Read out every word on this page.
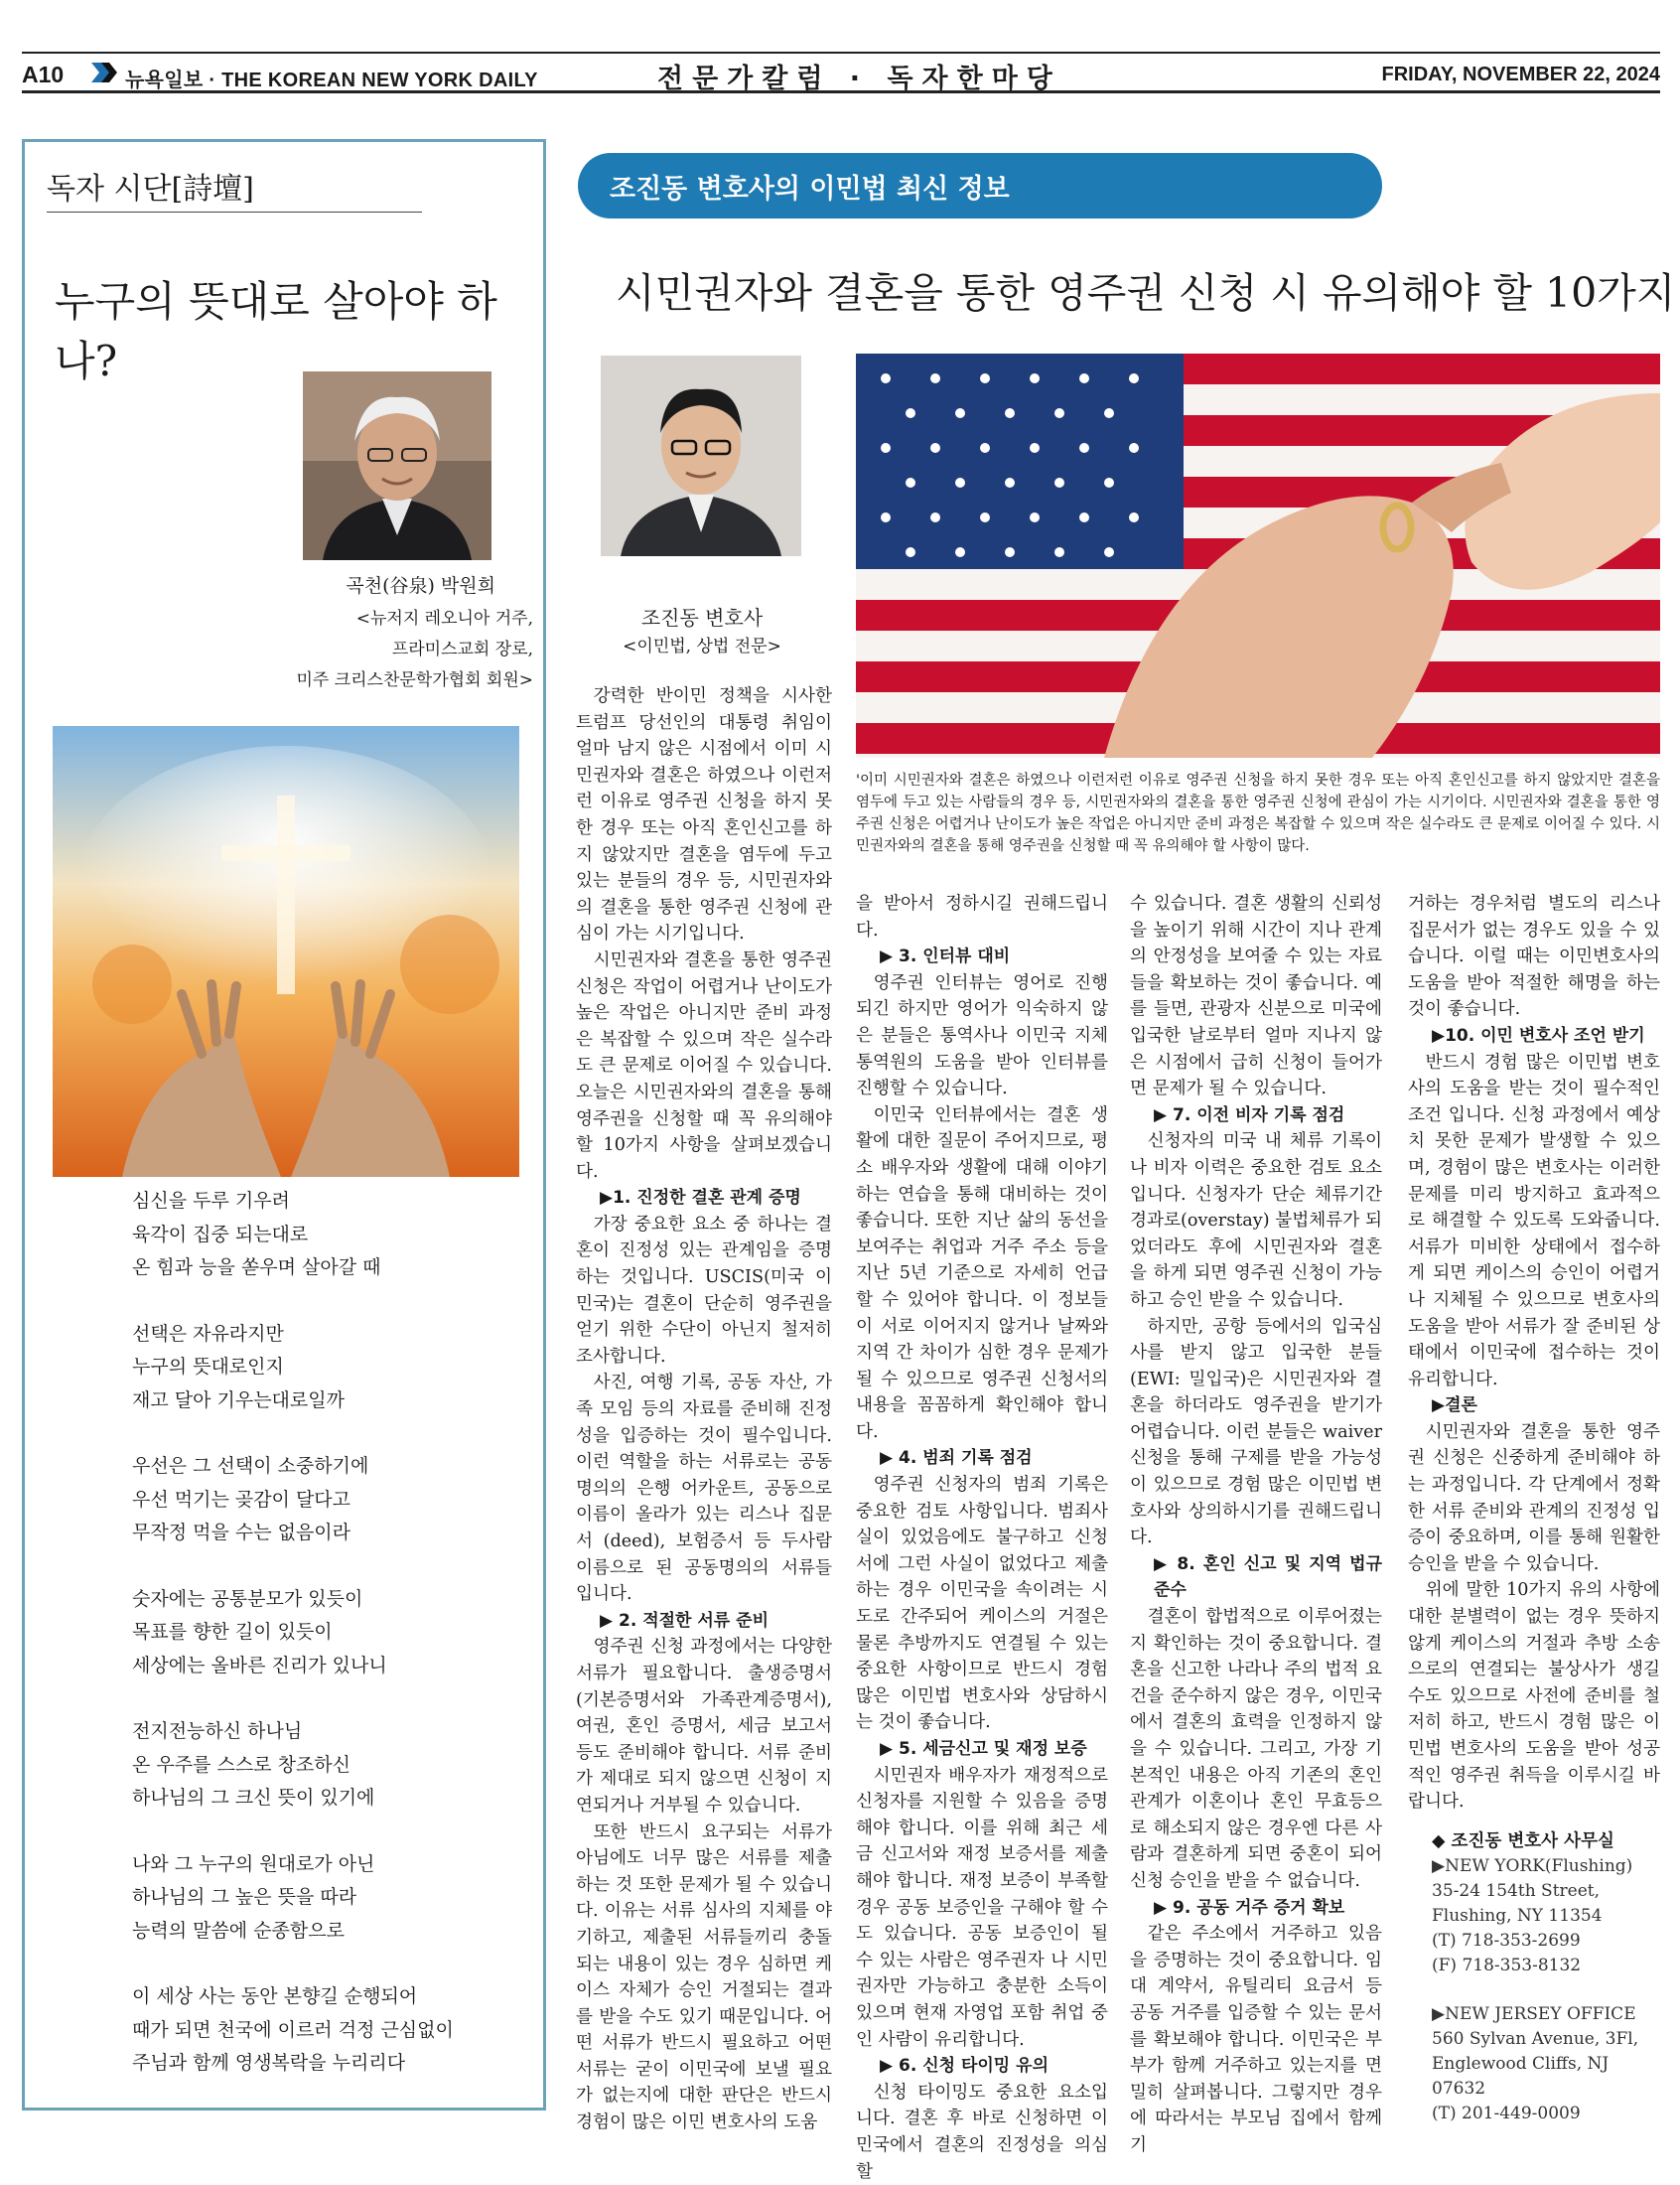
A10	뉴욕일보 · THE KOREAN NEW YORK DAILY	전문가칼럼 · 독자한마당	FRIDAY, NOVEMBER 22, 2024
독자 시단[詩壇]
누구의 뜻대로 살아야 하나?
곡천(谷泉) 박원희
<뉴저지 레오니아 거주,
프라미스교회 장로,
미주 크리스찬문학가협회 회원>
심신을 두루 기우려
육각이 집중 되는대로
온 힘과 능을 쏟우며 살아갈 때
선택은 자유라지만
누구의 뜻대로인지
재고 달아 기우는대로일까
우선은 그 선택이 소중하기에
우선 먹기는 곶감이 달다고
무작정 먹을 수는 없음이라
숫자에는 공통분모가 있듯이
목표를 향한 길이 있듯이
세상에는 올바른 진리가 있나니
전지전능하신 하나님
온 우주를 스스로 창조하신
하나님의 그 크신 뜻이 있기에
나와 그 누구의 원대로가 아닌
하나님의 그 높은 뜻을 따라
능력의 말씀에 순종함으로
이 세상 사는 동안 본향길 순행되어
때가 되면 천국에 이르러 걱정 근심없이
주님과 함께 영생복락을 누리리다
조진동 변호사의 이민법 최신 정보
시민권자와 결혼을 통한 영주권 신청 시 유의해야 할 10가지
조진동 변호사
<이민법, 상법 전문>
'이미 시민권자와 결혼은 하였으나 이런저런 이유로 영주권 신청을 하지 못한 경우 또는 아직 혼인신고를 하지 않았지만 결혼을 염두에 두고 있는 사람들의 경우 등, 시민권자와의 결혼을 통한 영주권 신청에 관심이 가는 시기이다. 시민권자와 결혼을 통한 영주권 신청은 어렵거나 난이도가 높은 작업은 아니지만 준비 과정은 복잡할 수 있으며 작은 실수라도 큰 문제로 이어질 수 있다. 시민권자와의 결혼을 통해 영주권을 신청할 때 꼭 유의해야 할 사항이 많다.

강력한 반이민 정책을 시사한 트럼프 당선인의 대통령 취임이 얼마 남지 않은 시점에서 이미 시민권자와 결혼은 하였으나 이런저런 이유로 영주권 신청을 하지 못한 경우 또는 아직 혼인신고를 하지 않았지만 결혼을 염두에 두고 있는 분들의 경우 등, 시민권자와의 결혼을 통한 영주권 신청에 관심이 가는 시기입니다.

시민권자와 결혼을 통한 영주권 신청은 작업이 어렵거나 난이도가 높은 작업은 아니지만 준비 과정은 복잡할 수 있으며 작은 실수라도 큰 문제로 이어질 수 있습니다. 오늘은 시민권자와의 결혼을 통해 영주권을 신청할 때 꼭 유의해야 할 10가지 사항을 살펴보겠습니다.

▶1. 진정한 결혼 관계 증명

가장 중요한 요소 중 하나는 결혼이 진정성 있는 관계임을 증명하는 것입니다. USCIS(미국 이민국)는 결혼이 단순히 영주권을 얻기 위한 수단이 아닌지 철저히 조사합니다.

사진, 여행 기록, 공동 자산, 가족 모임 등의 자료를 준비해 진정성을 입증하는 것이 필수입니다. 이런 역할을 하는 서류로는 공동명의의 은행 어카운트, 공동으로 이름이 올라가 있는 리스나 집문서 (deed), 보험증서 등 두사람 이름으로 된 공동명의의 서류들 입니다.

▶ 2. 적절한 서류 준비

영주권 신청 과정에서는 다양한 서류가 필요합니다. 출생증명서(기본증명서와 가족관계증명서), 여권, 혼인 증명서, 세금 보고서 등도 준비해야 합니다. 서류 준비가 제대로 되지 않으면 신청이 지연되거나 거부될 수 있습니다.

또한 반드시 요구되는 서류가 아님에도 너무 많은 서류를 제출하는 것 또한 문제가 될 수 있습니다. 이유는 서류 심사의 지체를 야기하고, 제출된 서류들끼리 충돌되는 내용이 있는 경우 심하면 케이스 자체가 승인 거절되는 결과를 받을 수도 있기 때문입니다. 어떤 서류가 반드시 필요하고 어떤 서류는 굳이 이민국에 보낼 필요가 없는지에 대한 판단은 반드시 경험이 많은 이민 변호사의 도움

을 받아서 정하시길 권해드립니다.

▶ 3. 인터뷰 대비

영주권 인터뷰는 영어로 진행되긴 하지만 영어가 익숙하지 않은 분들은 통역사나 이민국 지체 통역원의 도움을 받아 인터뷰를 진행할 수 있습니다.

이민국 인터뷰에서는 결혼 생활에 대한 질문이 주어지므로, 평소 배우자와 생활에 대해 이야기하는 연습을 통해 대비하는 것이 좋습니다. 또한 지난 삶의 동선을 보여주는 취업과 거주 주소 등을 지난 5년 기준으로 자세히 언급할 수 있어야 합니다. 이 정보들이 서로 이어지지 않거나 날짜와 지역 간 차이가 심한 경우 문제가 될 수 있으므로 영주권 신청서의 내용을 꼼꼼하게 확인해야 합니다.

▶ 4. 범죄 기록 점검

영주권 신청자의 범죄 기록은 중요한 검토 사항입니다. 범죄사실이 있었음에도 불구하고 신청서에 그런 사실이 없었다고 제출하는 경우 이민국을 속이려는 시도로 간주되어 케이스의 거절은 물론 추방까지도 연결될 수 있는 중요한 사항이므로 반드시 경험 많은 이민법 변호사와 상담하시는 것이 좋습니다.

▶ 5. 세금신고 및 재정 보증

시민권자 배우자가 재정적으로 신청자를 지원할 수 있음을 증명해야 합니다. 이를 위해 최근 세금 신고서와 재정 보증서를 제출해야 합니다. 재정 보증이 부족할 경우 공동 보증인을 구해야 할 수도 있습니다. 공동 보증인이 될 수 있는 사람은 영주권자 나 시민권자만 가능하고 충분한 소득이 있으며 현재 자영업 포함 취업 중인 사람이 유리합니다.

▶ 6. 신청 타이밍 유의

신청 타이밍도 중요한 요소입니다. 결혼 후 바로 신청하면 이민국에서 결혼의 진정성을 의심할

수 있습니다. 결혼 생활의 신뢰성을 높이기 위해 시간이 지나 관계의 안정성을 보여줄 수 있는 자료들을 확보하는 것이 좋습니다. 예를 들면, 관광자 신분으로 미국에 입국한 날로부터 얼마 지나지 않은 시점에서 급히 신청이 들어가면 문제가 될 수 있습니다.

▶ 7. 이전 비자 기록 점검

신청자의 미국 내 체류 기록이나 비자 이력은 중요한 검토 요소입니다. 신청자가 단순 체류기간 경과로(overstay) 불법체류가 되었더라도 후에 시민권자와 결혼을 하게 되면 영주권 신청이 가능하고 승인 받을 수 있습니다.

하지만, 공항 등에서의 입국심사를 받지 않고 입국한 분들(EWI: 밀입국)은 시민권자와 결혼을 하더라도 영주권을 받기가 어렵습니다. 이런 분들은 waiver 신청을 통해 구제를 받을 가능성이 있으므로 경험 많은 이민법 변호사와 상의하시기를 권해드립니다.

▶ 8. 혼인 신고 및 지역 법규 준수

결혼이 합법적으로 이루어졌는지 확인하는 것이 중요합니다. 결혼을 신고한 나라나 주의 법적 요건을 준수하지 않은 경우, 이민국에서 결혼의 효력을 인정하지 않을 수 있습니다. 그리고, 가장 기본적인 내용은 아직 기존의 혼인관계가 이혼이나 혼인 무효등으로 해소되지 않은 경우엔 다른 사람과 결혼하게 되면 중혼이 되어 신청 승인을 받을 수 없습니다.

▶ 9. 공동 거주 증거 확보

같은 주소에서 거주하고 있음을 증명하는 것이 중요합니다. 임대 계약서, 유틸리티 요금서 등 공동 거주를 입증할 수 있는 문서를 확보해야 합니다. 이민국은 부부가 함께 거주하고 있는지를 면밀히 살펴봅니다. 그렇지만 경우에 따라서는 부모님 집에서 함께 기

거하는 경우처럼 별도의 리스나 집문서가 없는 경우도 있을 수 있습니다. 이럴 때는 이민변호사의 도움을 받아 적절한 해명을 하는 것이 좋습니다.

▶10. 이민 변호사 조언 받기

반드시 경험 많은 이민법 변호사의 도움을 받는 것이 필수적인 조건 입니다. 신청 과정에서 예상치 못한 문제가 발생할 수 있으며, 경험이 많은 변호사는 이러한 문제를 미리 방지하고 효과적으로 해결할 수 있도록 도와줍니다. 서류가 미비한 상태에서 접수하게 되면 케이스의 승인이 어렵거나 지체될 수 있으므로 변호사의 도움을 받아 서류가 잘 준비된 상태에서 이민국에 접수하는 것이 유리합니다.

▶결론

시민권자와 결혼을 통한 영주권 신청은 신중하게 준비해야 하는 과정입니다. 각 단계에서 정확한 서류 준비와 관계의 진정성 입증이 중요하며, 이를 통해 원활한 승인을 받을 수 있습니다.

위에 말한 10가지 유의 사항에 대한 분별력이 없는 경우 뜻하지 않게 케이스의 거절과 추방 소송으로의 연결되는 불상사가 생길 수도 있으므로 사전에 준비를 철저히 하고, 반드시 경험 많은 이민법 변호사의 도움을 받아 성공적인 영주권 취득을 이루시길 바랍니다.

◆ 조진동 변호사 사무실
▶NEW YORK(Flushing)
35-24 154th Street,
Flushing, NY 11354
(T) 718-353-2699
(F) 718-353-8132
▶NEW JERSEY OFFICE
560 Sylvan Avenue, 3Fl,
Englewood Cliffs, NJ 07632
(T) 201-449-0009
